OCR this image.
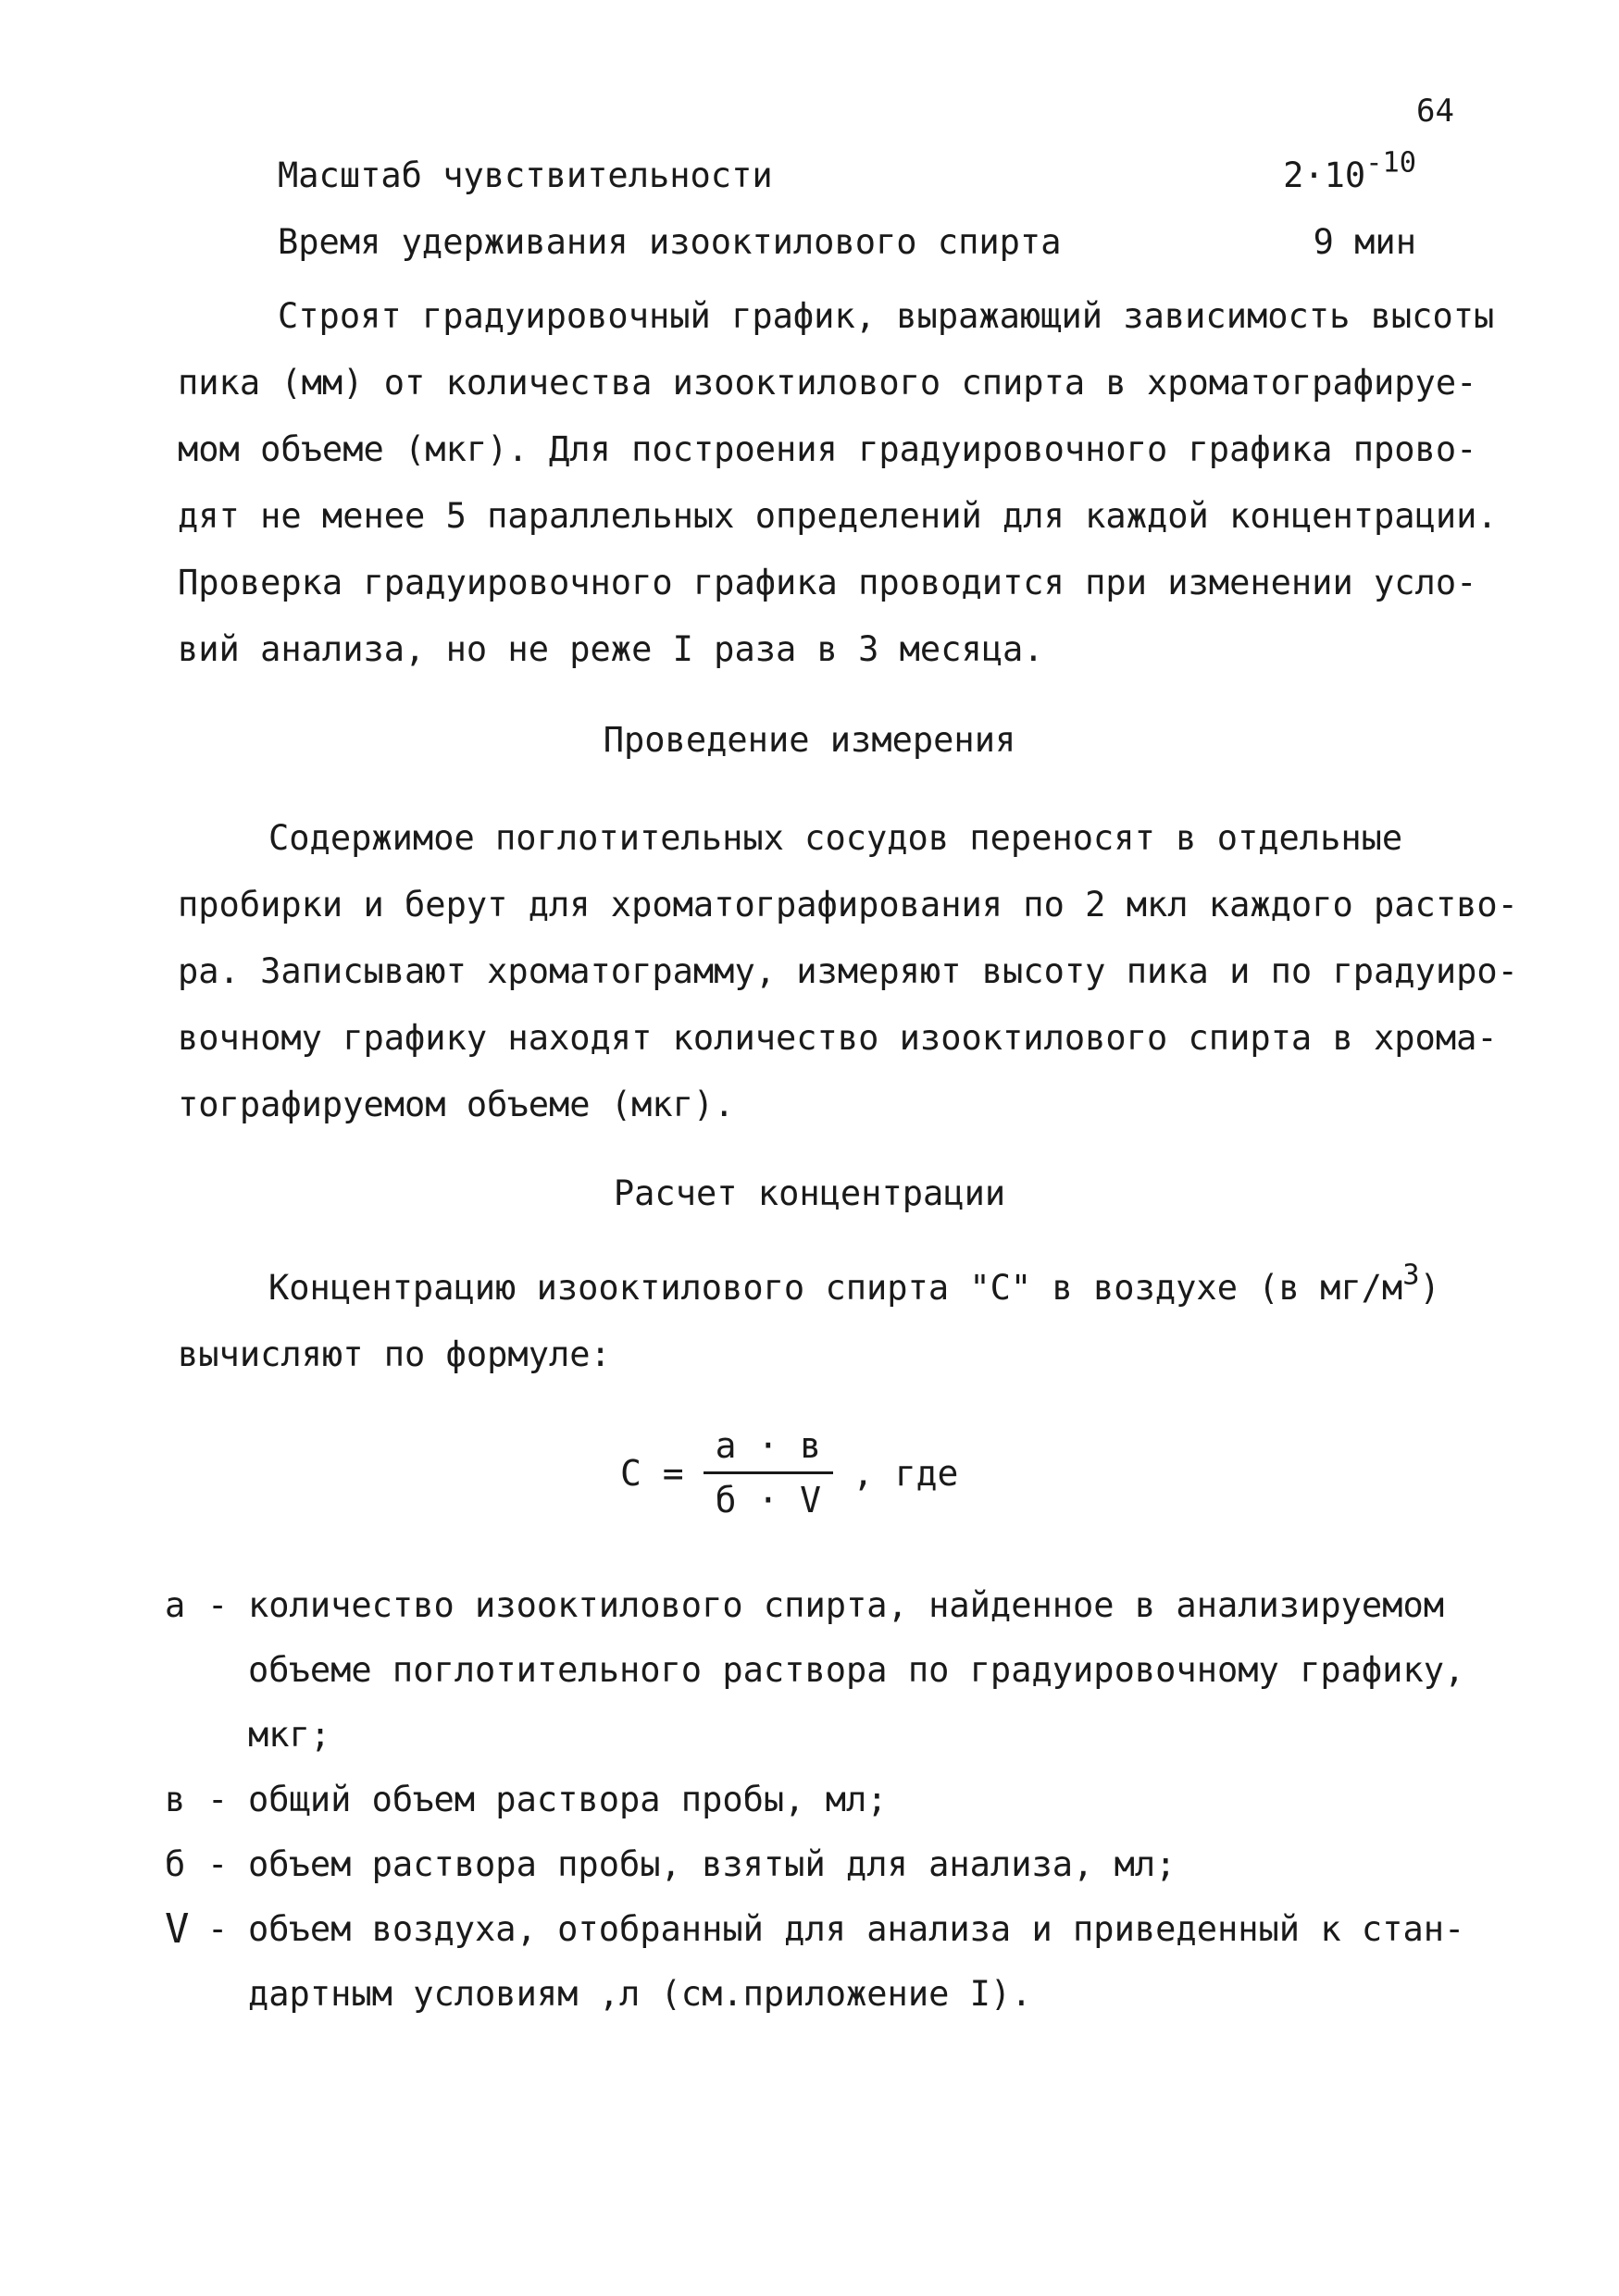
64
Масштаб чувствительности	$2\cdot 10^{-10}$
Время удерживания изооктилового спирта	9 мин
Строят градуировочный график, выражающий зависимость высоты
пика (мм) от количества изооктилового спирта в хроматографируе-
мом объеме (мкг). Для построения градуировочного графика прово-
дят не менее 5 параллельных определений для каждой концентрации.
Проверка градуировочного графика проводится при изменении усло-
вий анализа, но не реже I раза в 3 месяца.
Проведение измерения
Содержимое поглотительных сосудов переносят в отдельные
пробирки и берут для хроматографирования по 2 мкл каждого раство-
ра. Записывают хроматограмму, измеряют высоту пика и по градуиро-
вочному графику находят количество изооктилового спирта в хрома-
тографируемом объеме (мкг).
Расчет концентрации
Концентрацию изооктилового спирта "С" в воздухе (в $мг/м^3$)
вычисляют по формуле:
$С = \frac{а \cdot в}{б \cdot V}$ , где
а - количество изооктилового спирта, найденное в анализируемом
объеме поглотительного раствора по градуировочному графику,
мкг;
в - общий объем раствора пробы, мл;
б - объем раствора пробы, взятый для анализа, мл;
V - объем воздуха, отобранный для анализа и приведенный к стан-
дартным условиям ,л (см.приложение I).
